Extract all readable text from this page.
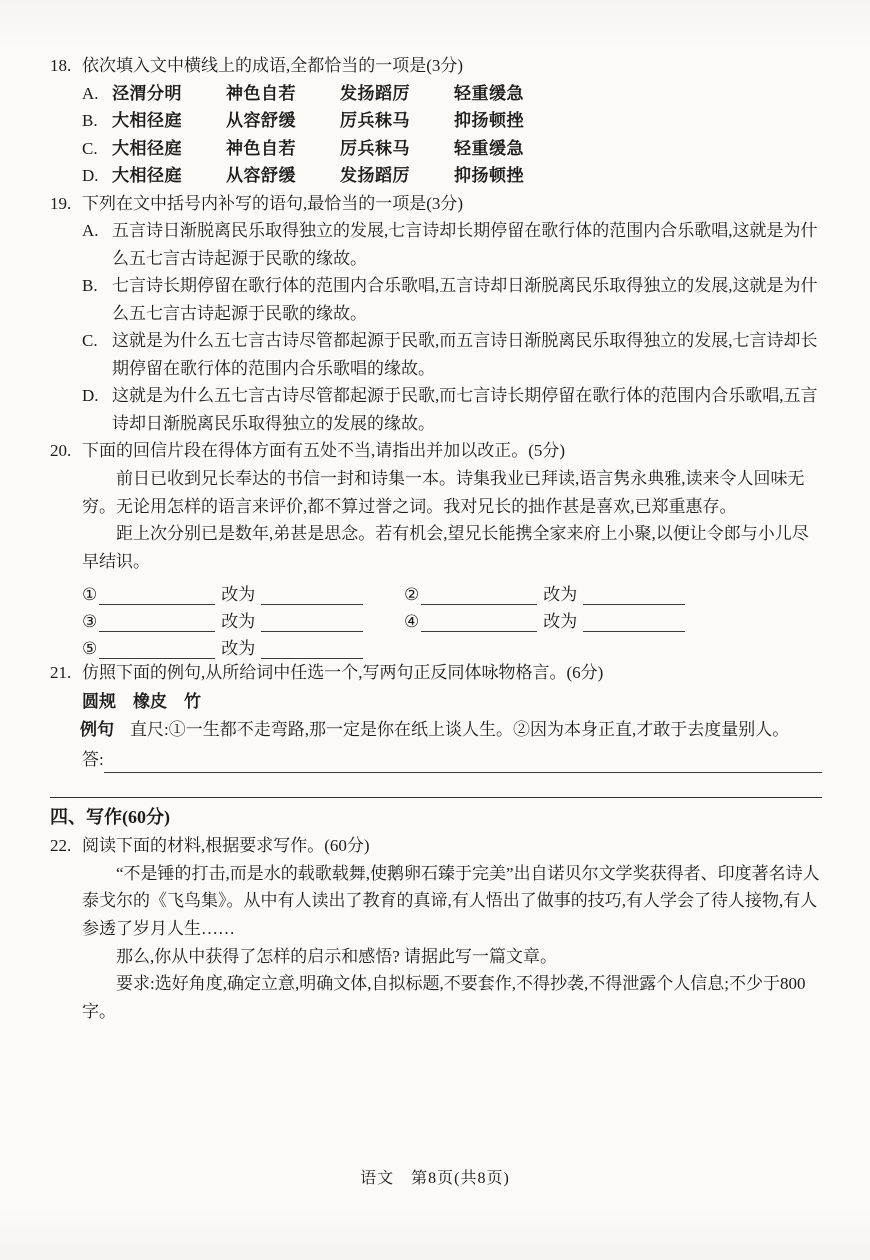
18. 依次填入文中横线上的成语,全都恰当的一项是(3分)
A. 泾渭分明	神色自若	发扬蹈厉	轻重缓急
B. 大相径庭	从容舒缓	厉兵秣马	抑扬顿挫
C. 大相径庭	神色自若	厉兵秣马	轻重缓急
D. 大相径庭	从容舒缓	发扬蹈厉	抑扬顿挫
19. 下列在文中括号内补写的语句,最恰当的一项是(3分)
A. 五言诗日渐脱离民乐取得独立的发展,七言诗却长期停留在歌行体的范围内合乐歌唱,这就是为什么五七言古诗起源于民歌的缘故。
B. 七言诗长期停留在歌行体的范围内合乐歌唱,五言诗却日渐脱离民乐取得独立的发展,这就是为什么五七言古诗起源于民歌的缘故。
C. 这就是为什么五七言古诗尽管都起源于民歌,而五言诗日渐脱离民乐取得独立的发展,七言诗却长期停留在歌行体的范围内合乐歌唱的缘故。
D. 这就是为什么五七言古诗尽管都起源于民歌,而七言诗长期停留在歌行体的范围内合乐歌唱,五言诗却日渐脱离民乐取得独立的发展的缘故。
20. 下面的回信片段在得体方面有五处不当,请指出并加以改正。(5分)

前日已收到兄长奉达的书信一封和诗集一本。诗集我业已拜读,语言隽永典雅,读来令人回味无穷。无论用怎样的语言来评价,都不算过誉之词。我对兄长的拙作甚是喜欢,已郑重惠存。

距上次分别已是数年,弟甚是思念。若有机会,望兄长能携全家来府上小聚,以便让令郎与小儿尽早结识。

①	改为	②	改为
③	改为	④	改为
⑤	改为
21. 仿照下面的例句,从所给词中任选一个,写两句正反同体咏物格言。(6分)
圆规　橡皮　竹
例句 直尺:①一生都不走弯路,那一定是你在纸上谈人生。②因为本身正直,才敢于去度量别人。
答:
四、写作(60分)
22. 阅读下面的材料,根据要求写作。(60分)

“不是锤的打击,而是水的载歌载舞,使鹅卵石臻于完美”出自诺贝尔文学奖获得者、印度著名诗人泰戈尔的《飞鸟集》。从中有人读出了教育的真谛,有人悟出了做事的技巧,有人学会了待人接物,有人参透了岁月人生……

那么,你从中获得了怎样的启示和感悟? 请据此写一篇文章。

要求:选好角度,确定立意,明确文体,自拟标题,不要套作,不得抄袭,不得泄露个人信息;不少于800字。

语文　第8页(共8页)
